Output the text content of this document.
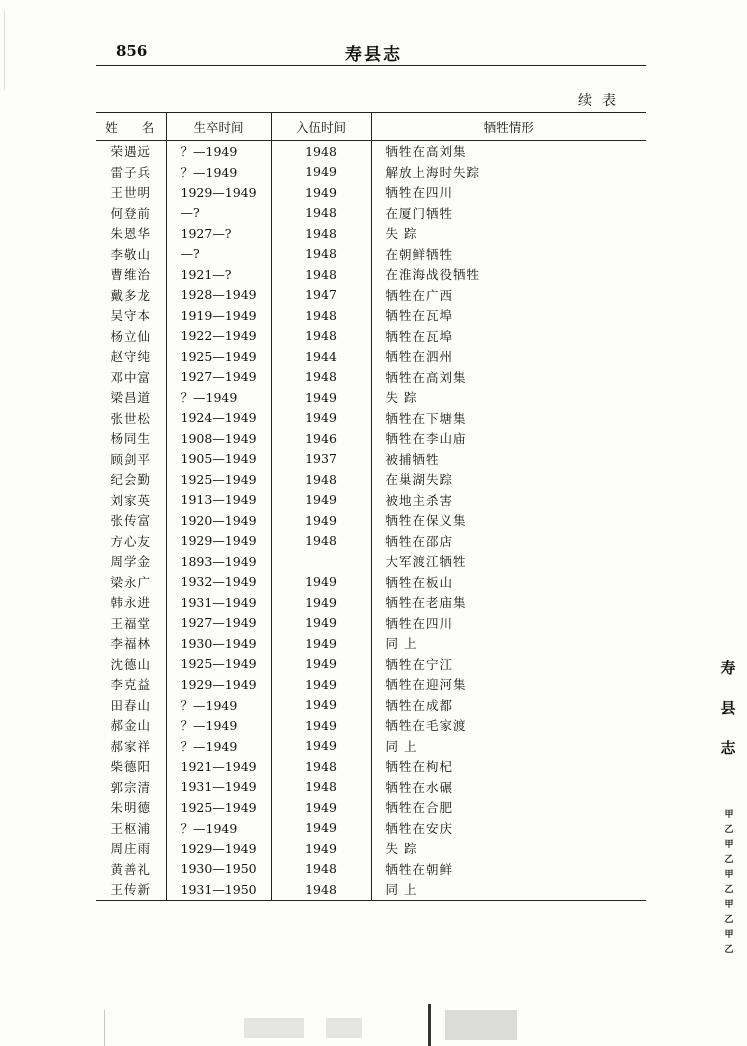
856	寿县志
续表
姓 名	生卒时间	入伍时间	牺牲情形
荣遇远	？—1949	1948	牺牲在高刘集
雷子兵	？—1949	1949	解放上海时失踪
王世明	1929—1949	1949	牺牲在四川
何登前	—?	1948	在厦门牺牲
朱恩华	1927—?	1948	失 踪
李敬山	—?	1948	在朝鲜牺牲
曹维治	1921—?	1948	在淮海战役牺牲
戴多龙	1928—1949	1947	牺牲在广西
吴守本	1919—1949	1948	牺牲在瓦埠
杨立仙	1922—1949	1948	牺牲在瓦埠
赵守纯	1925—1949	1944	牺牲在泗州
邓中富	1927—1949	1948	牺牲在高刘集
梁昌道	？—1949	1949	失 踪
张世松	1924—1949	1949	牺牲在下塘集
杨同生	1908—1949	1946	牺牲在李山庙
顾剑平	1905—1949	1937	被捕牺牲
纪会勤	1925—1949	1948	在巢湖失踪
刘家英	1913—1949	1949	被地主杀害
张传富	1920—1949	1949	牺牲在保义集
方心友	1929—1949	1948	牺牲在邵店
周学金	1893—1949		大军渡江牺牲
梁永广	1932—1949	1949	牺牲在板山
韩永进	1931—1949	1949	牺牲在老庙集
王福堂	1927—1949	1949	牺牲在四川
李福林	1930—1949	1949	同 上
沈德山	1925—1949	1949	牺牲在宁江
李克益	1929—1949	1949	牺牲在迎河集
田春山	？—1949	1949	牺牲在成都
郝金山	？—1949	1949	牺牲在毛家渡
郝家祥	？—1949	1949	同 上
柴德阳	1921—1949	1948	牺牲在枸杞
郭宗清	1931—1949	1948	牺牲在水碾
朱明德	1925—1949	1949	牺牲在合肥
王枢浦	？—1949	1949	牺牲在安庆
周庄雨	1929—1949	1949	失 踪
黄善礼	1930—1950	1948	牺牲在朝鲜
王传新	1931—1950	1948	同 上
寿
县
志
甲
乙
甲
乙
甲
乙
甲
乙
甲
乙
